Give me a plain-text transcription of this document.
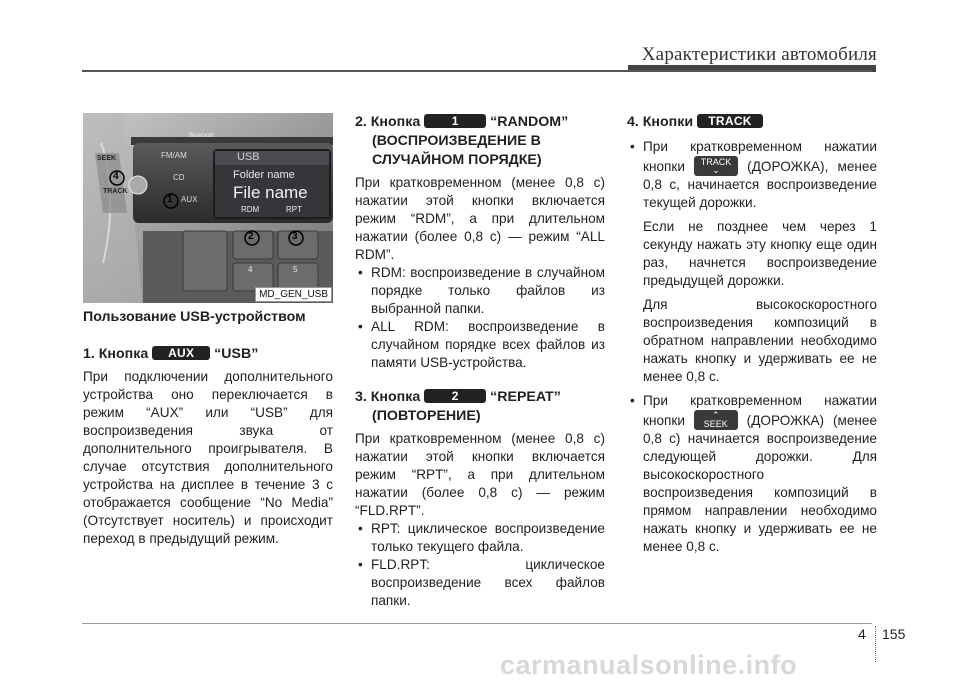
Характеристики автомобиля
FM/AM
CD
AUX
SEEK
TRACK
Bluetooth
USB
Folder name
File name
RDM	RPT
1
2	3
4
4	5
MD_GEN_USB

Пользование USB-устройством

1. Кнопка AUX “USB”

При подключении дополнительного устройства оно переключается в режим “AUX” или “USB” для воспроизведения звука от дополнительного проигрывателя. В случае отсутствия дополнительного устройства на дисплее в течение 3 с отображается сообщение “No Media” (Отсутствует носитель) и происходит переход в предыдущий режим.

2. Кнопка	1 “RANDOM”

(ВОСПРОИЗВЕДЕНИЕ В СЛУЧАЙНОМ ПОРЯДКЕ)

При кратковременном (менее 0,8 с) нажатии этой кнопки включается режим “RDM”, а при длительном нажатии (более 0,8 с) — режим “ALL RDM”.

• RDM: воспроизведение в случайном порядке только файлов из выбранной папки.

• ALL RDM: воспроизведение в случайном порядке всех файлов из памяти USB-устройства.

3. Кнопка	2 “REPEAT”

(ПОВТОРЕНИЕ)

При кратковременном (менее 0,8 с) нажатии этой кнопки включается режим “RPT”, а при длительном нажатии (более 0,8 с) — режим “FLD.RPT”.

• RPT: циклическое воспроизведение только текущего файла.

• FLD.RPT: циклическое воспроизведение всех файлов папки.

4. Кнопки TRACK

• При кратковременном нажатии кнопки	TRACK
⌄	(ДОРОЖКА), менее 0,8 с, начинается воспроизведение текущей дорожки.

Если не позднее чем через 1 секунду нажать эту кнопку еще один раз, начнется воспроизведение предыдущей дорожки.

Для высокоскоростного воспроизведения композиций в обратном направлении необходимо нажать кнопку и удерживать ее не менее 0,8 с.

• При кратковременном нажатии кнопки	⌃
SEEK	(ДОРОЖКА) (менее 0,8 с) начинается воспроизведение следующей дорожки. Для высокоскоростного воспроизведения композиций в прямом направлении необходимо нажать кнопку и удерживать ее не менее 0,8 с.

4 155
carmanualsonline.info
